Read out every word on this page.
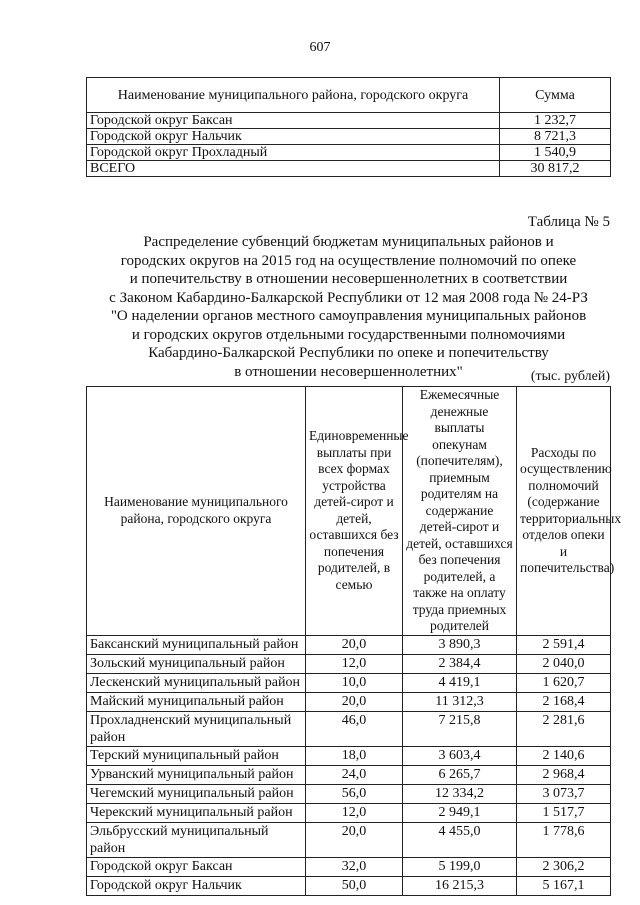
607
Наименование муниципального района, городского округа	Сумма
Городской округ Баксан	1 232,7
Городской округ Нальчик	8 721,3
Городской округ Прохладный	1 540,9
ВСЕГО	30 817,2
Таблица № 5
Распределение субвенций бюджетам муниципальных районов и
городских округов на 2015 год на осуществление полномочий по опеке
и попечительству в отношении несовершеннолетних в соответствии
с Законом Кабардино-Балкарской Республики от 12 мая 2008 года № 24-РЗ
"О наделении органов местного самоуправления муниципальных районов
и городских округов отдельными государственными полномочиями
Кабардино-Балкарской Республики по опеке и попечительству
в отношении несовершеннолетних"	(тыс. рублей)
Наименование муниципального района, городского округа	Единовременные выплаты при всех формах устройства детей-сирот и детей, оставшихся без попечения родителей, в семью	Ежемесячные денежные выплаты опекунам (попечителям), приемным родителям на содержание детей-сирот и детей, оставшихся без попечения родителей, а также на оплату труда приемных родителей	Расходы по осуществлению полномочий (содержание территориальных отделов опеки и попечительства)
Баксанский муниципальный район	20,0	3 890,3	2 591,4
Зольский муниципальный район	12,0	2 384,4	2 040,0
Лескенский муниципальный район	10,0	4 419,1	1 620,7
Майский муниципальный район	20,0	11 312,3	2 168,4
Прохладненский муниципальный район	46,0	7 215,8	2 281,6
Терский муниципальный район	18,0	3 603,4	2 140,6
Урванский муниципальный район	24,0	6 265,7	2 968,4
Чегемский муниципальный район	56,0	12 334,2	3 073,7
Черекский муниципальный район	12,0	2 949,1	1 517,7
Эльбрусский муниципальный район	20,0	4 455,0	1 778,6
Городской округ Баксан	32,0	5 199,0	2 306,2
Городской округ Нальчик	50,0	16 215,3	5 167,1
